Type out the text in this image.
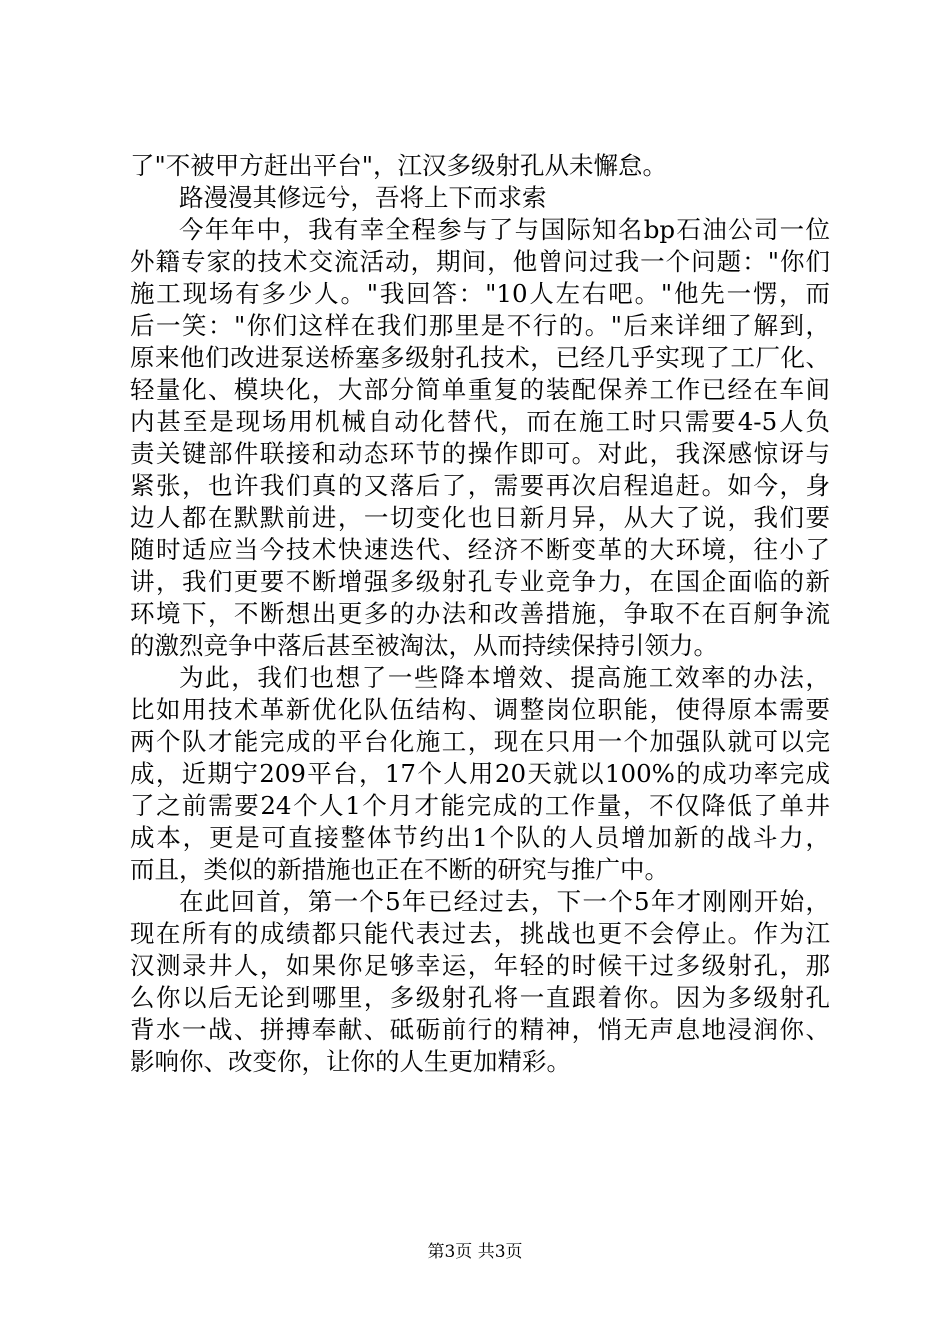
了"不被甲方赶出平台"，江汉多级射孔从未懈怠。
路漫漫其修远兮，吾将上下而求索
今年年中，我有幸全程参与了与国际知名bp石油公司一位
外籍专家的技术交流活动，期间，他曾问过我一个问题："你们
施工现场有多少人。"我回答："10人左右吧。"他先一愣，而
后一笑："你们这样在我们那里是不行的。"后来详细了解到，
原来他们改进泵送桥塞多级射孔技术，已经几乎实现了工厂化、
轻量化、模块化，大部分简单重复的装配保养工作已经在车间
内甚至是现场用机械自动化替代，而在施工时只需要4-5人负
责关键部件联接和动态环节的操作即可。对此，我深感惊讶与
紧张，也许我们真的又落后了，需要再次启程追赶。如今，身
边人都在默默前进，一切变化也日新月异，从大了说，我们要
随时适应当今技术快速迭代、经济不断变革的大环境，往小了
讲，我们更要不断增强多级射孔专业竞争力，在国企面临的新
环境下，不断想出更多的办法和改善措施，争取不在百舸争流
的激烈竞争中落后甚至被淘汰，从而持续保持引领力。
为此，我们也想了一些降本增效、提高施工效率的办法，
比如用技术革新优化队伍结构、调整岗位职能，使得原本需要
两个队才能完成的平台化施工，现在只用一个加强队就可以完
成，近期宁209平台，17个人用20天就以100%的成功率完成
了之前需要24个人1个月才能完成的工作量，不仅降低了单井
成本，更是可直接整体节约出1个队的人员增加新的战斗力，
而且，类似的新措施也正在不断的研究与推广中。
在此回首，第一个5年已经过去，下一个5年才刚刚开始，
现在所有的成绩都只能代表过去，挑战也更不会停止。作为江
汉测录井人，如果你足够幸运，年轻的时候干过多级射孔，那
么你以后无论到哪里，多级射孔将一直跟着你。因为多级射孔
背水一战、拼搏奉献、砥砺前行的精神，悄无声息地浸润你、
影响你、改变你，让你的人生更加精彩。
第3页 共3页
